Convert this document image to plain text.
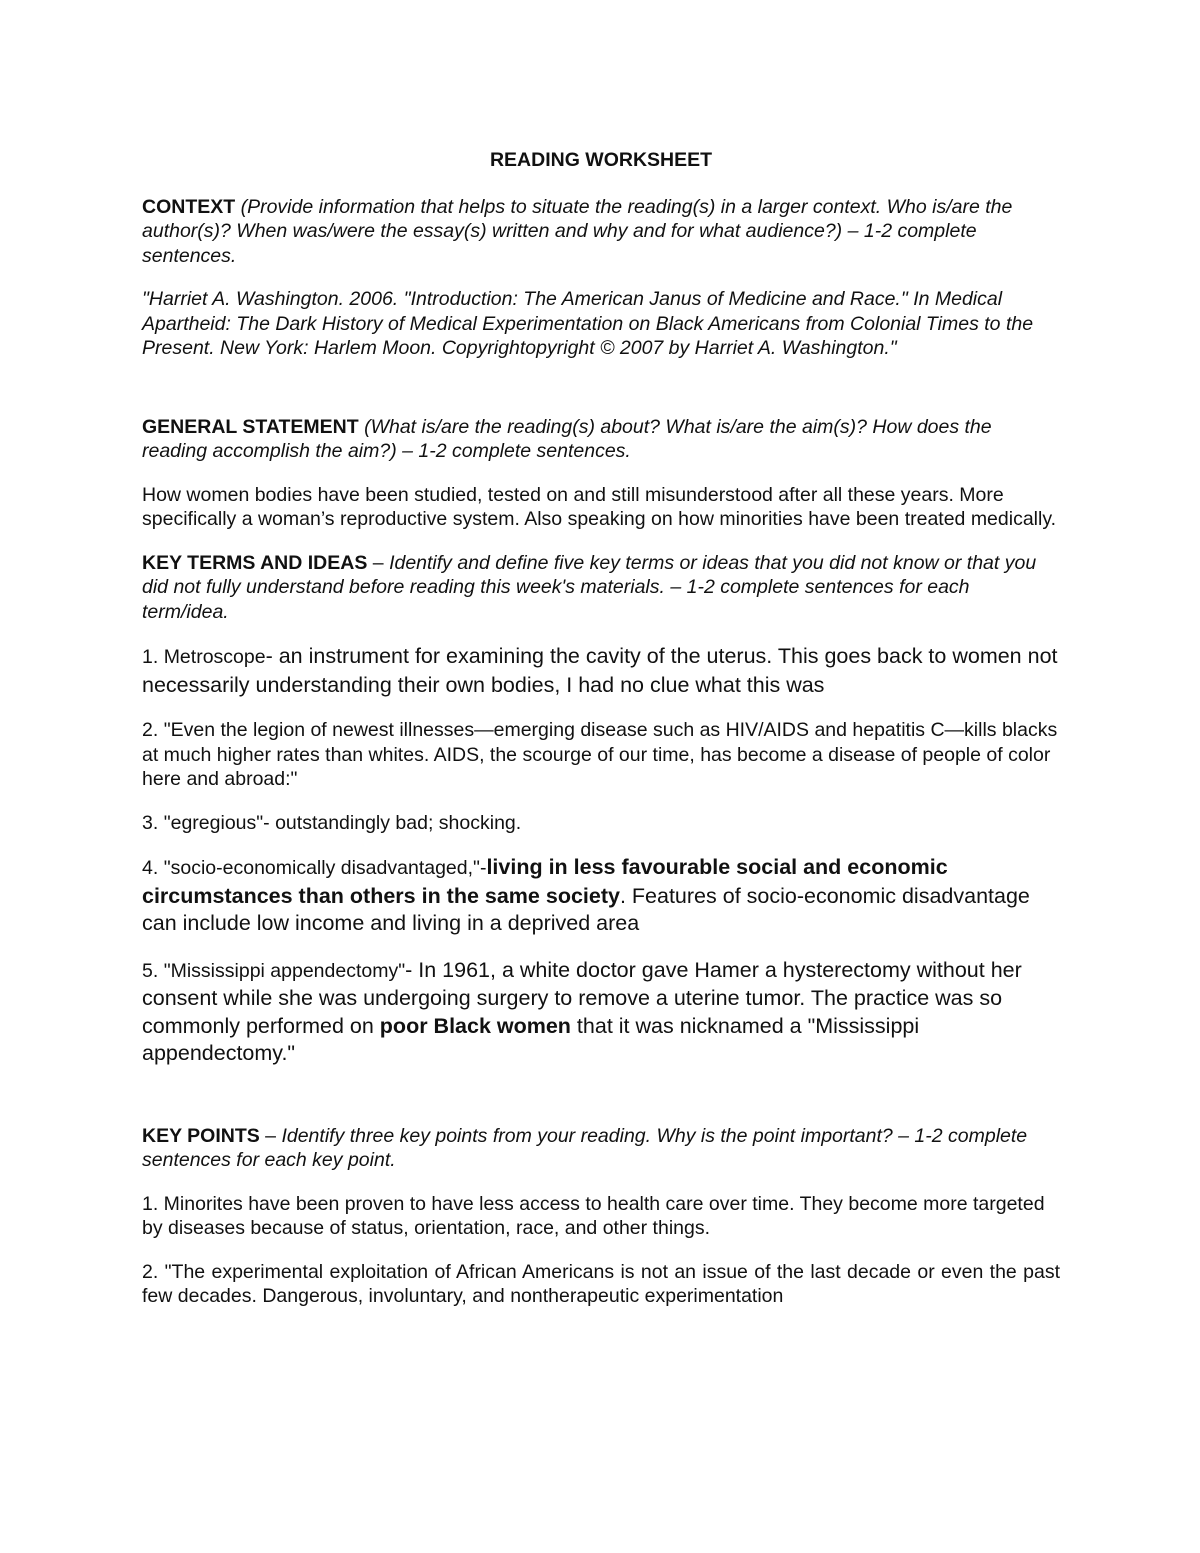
READING WORKSHEET

CONTEXT (Provide information that helps to situate the reading(s) in a larger context. Who is/are the author(s)? When was/were the essay(s) written and why and for what audience?) – 1-2 complete sentences.

"Harriet A. Washington. 2006. "Introduction: The American Janus of Medicine and Race." In Medical Apartheid: The Dark History of Medical Experimentation on Black Americans from Colonial Times to the Present. New York: Harlem Moon. Copyrightopyright © 2007 by Harriet A. Washington."

GENERAL STATEMENT (What is/are the reading(s) about? What is/are the aim(s)? How does the reading accomplish the aim?) – 1-2 complete sentences.

How women bodies have been studied, tested on and still misunderstood after all these years. More specifically a woman’s reproductive system. Also speaking on how minorities have been treated medically.

KEY TERMS AND IDEAS – Identify and define five key terms or ideas that you did not know or that you did not fully understand before reading this week's materials. – 1-2 complete sentences for each term/idea.

1. Metroscope- an instrument for examining the cavity of the uterus. This goes back to women not necessarily understanding their own bodies, I had no clue what this was

2. "Even the legion of newest illnesses—emerging disease such as HIV/AIDS and hepatitis C—kills blacks at much higher rates than whites. AIDS, the scourge of our time, has become a disease of people of color here and abroad:"

3. "egregious"- outstandingly bad; shocking.

4. "socio-economically disadvantaged,"-living in less favourable social and economic circumstances than others in the same society. Features of socio-economic disadvantage can include low income and living in a deprived area

5. "Mississippi appendectomy"- In 1961, a white doctor gave Hamer a hysterectomy without her consent while she was undergoing surgery to remove a uterine tumor. The practice was so commonly performed on poor Black women that it was nicknamed a "Mississippi appendectomy."

KEY POINTS – Identify three key points from your reading. Why is the point important? – 1-2 complete sentences for each key point.

1. Minorites have been proven to have less access to health care over time. They become more targeted by diseases because of status, orientation, race, and other things.

2. "The experimental exploitation of African Americans is not an issue of the last decade or even the past few decades. Dangerous, involuntary, and nontherapeutic experimentation
